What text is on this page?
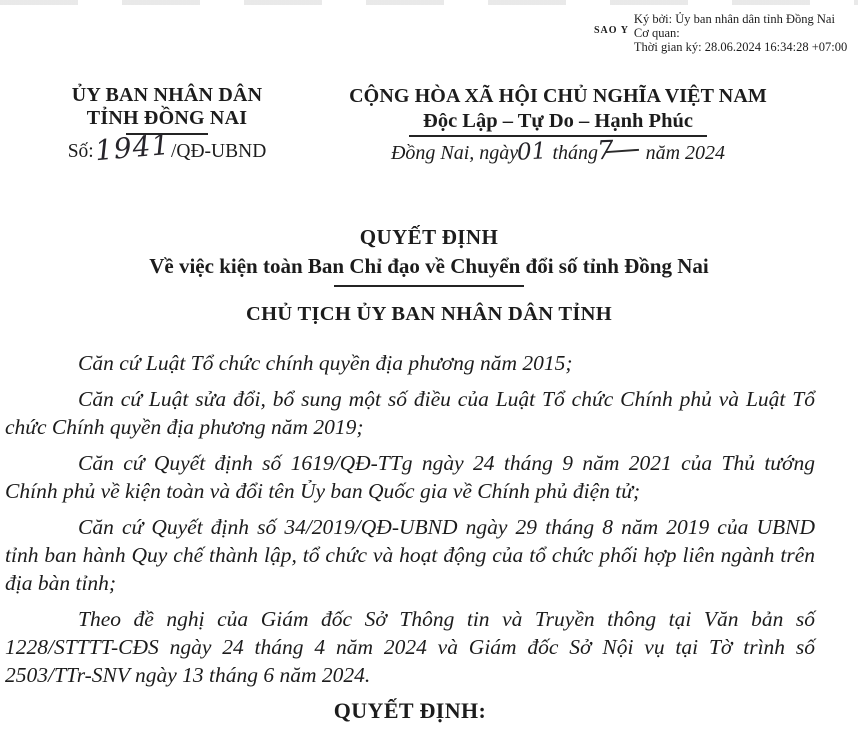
SAO Y
Ký bởi: Ủy ban nhân dân tỉnh Đồng Nai
Cơ quan:
Thời gian ký: 28.06.2024 16:34:28 +07:00
ỦY BAN NHÂN DÂN
TỈNH ĐỒNG NAI
Số:1941/QĐ-UBND
CỘNG HÒA XÃ HỘI CHỦ NGHĨA VIỆT NAM
Độc Lập – Tự Do – Hạnh Phúc
Đồng Nai, ngày01 tháng7 năm 2024
QUYẾT ĐỊNH
Về việc kiện toàn Ban Chỉ đạo về Chuyển đổi số tỉnh Đồng Nai
CHỦ TỊCH ỦY BAN NHÂN DÂN TỈNH

Căn cứ Luật Tổ chức chính quyền địa phương năm 2015;

Căn cứ Luật sửa đổi, bổ sung một số điều của Luật Tổ chức Chính phủ và Luật Tổ chức Chính quyền địa phương năm 2019;

Căn cứ Quyết định số 1619/QĐ-TTg ngày 24 tháng 9 năm 2021 của Thủ tướng Chính phủ về kiện toàn và đổi tên Ủy ban Quốc gia về Chính phủ điện tử;

Căn cứ Quyết định số 34/2019/QĐ-UBND ngày 29 tháng 8 năm 2019 của UBND tỉnh ban hành Quy chế thành lập, tổ chức và hoạt động của tổ chức phối hợp liên ngành trên địa bàn tỉnh;

Theo đề nghị của Giám đốc Sở Thông tin và Truyền thông tại Văn bản số 1228/STTTT-CĐS ngày 24 tháng 4 năm 2024 và Giám đốc Sở Nội vụ tại Tờ trình số 2503/TTr-SNV ngày 13 tháng 6 năm 2024.

QUYẾT ĐỊNH:
